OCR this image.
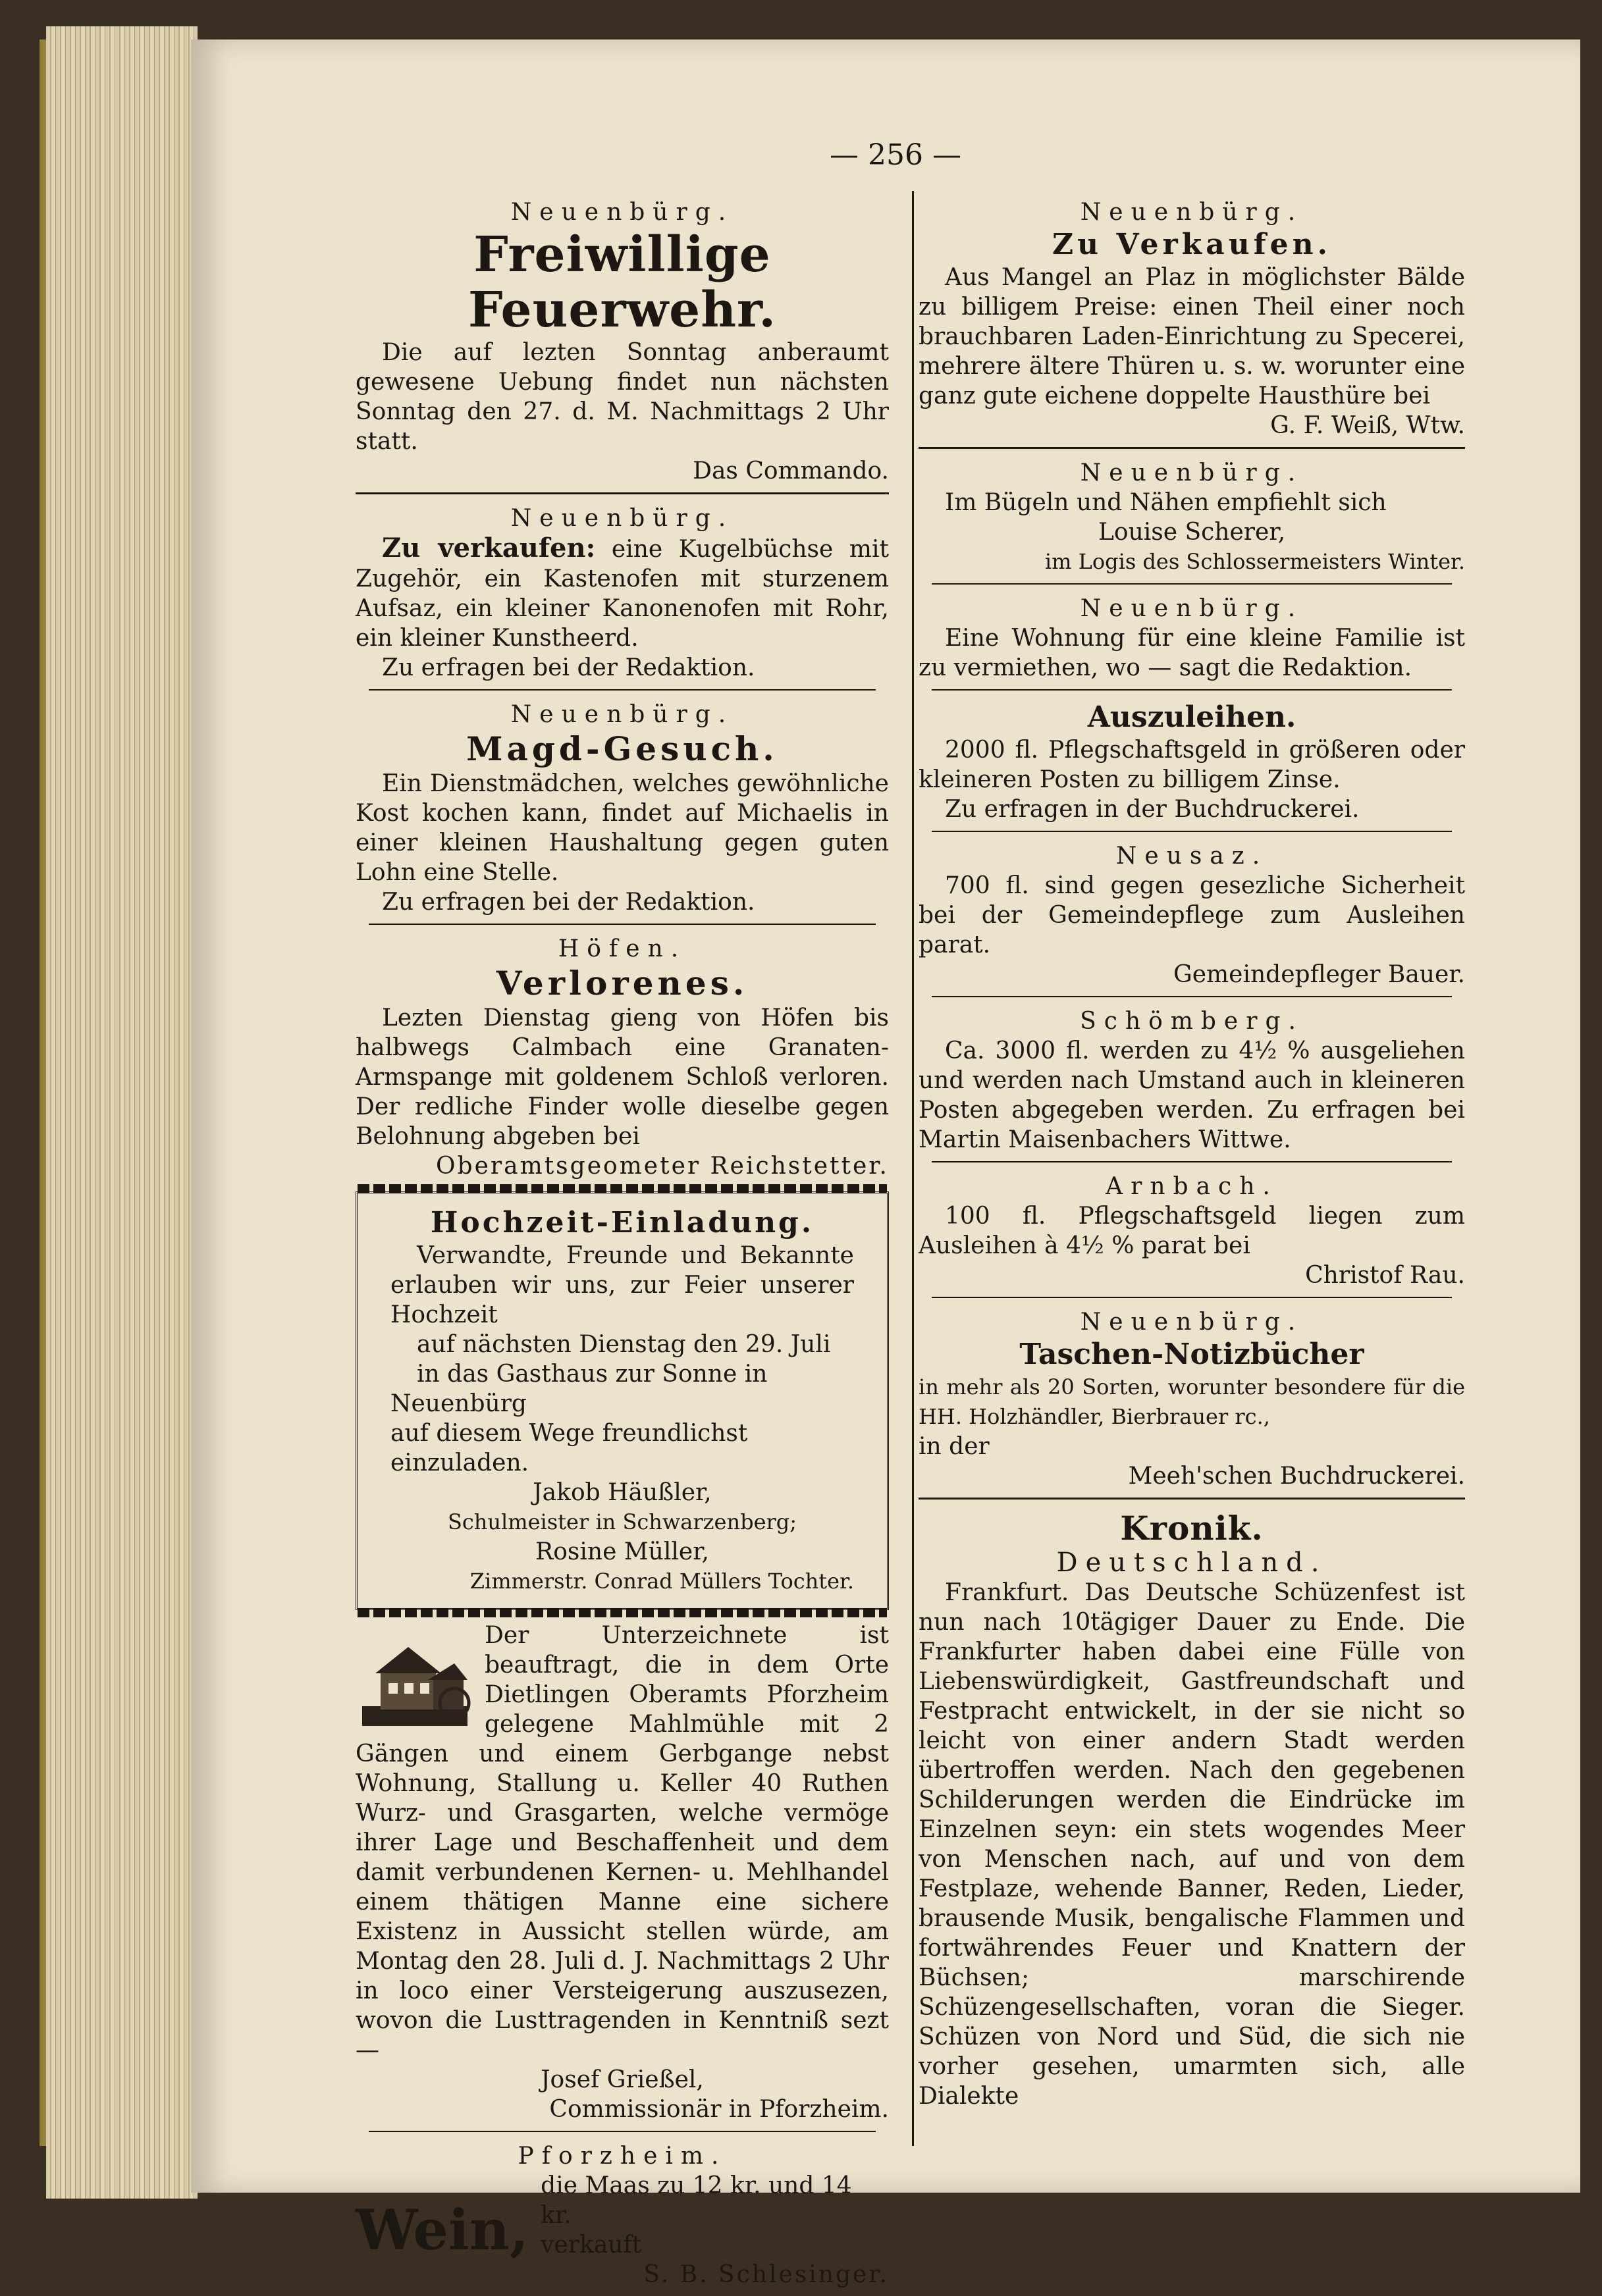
— 256 —
Neuenbürg.
Freiwillige Feuerwehr.
Die auf lezten Sonntag anberaumt gewesene Uebung findet nun nächsten Sonntag den 27. d. M. Nachmittags 2 Uhr statt.
Das Commando.
Neuenbürg.
Zu verkaufen: eine Kugelbüchse mit Zugehör, ein Kastenofen mit sturzenem Aufsaz, ein kleiner Kanonenofen mit Rohr, ein kleiner Kunstheerd.
Zu erfragen bei der Redaktion.
Neuenbürg.
Magd-Gesuch.
Ein Dienstmädchen, welches gewöhnliche Kost kochen kann, findet auf Michaelis in einer kleinen Haushaltung gegen guten Lohn eine Stelle.
Zu erfragen bei der Redaktion.
Höfen.
Verlorenes.
Lezten Dienstag gieng von Höfen bis halbwegs Calmbach eine Granaten-Armspange mit goldenem Schloß verloren. Der redliche Finder wolle dieselbe gegen Belohnung abgeben bei
Oberamtsgeometer Reichstetter.
Hochzeit-Einladung.
Verwandte, Freunde und Bekannte erlauben wir uns, zur Feier unserer Hochzeit
auf nächsten Dienstag den 29. Juli
in das Gasthaus zur Sonne in Neuenbürg
auf diesem Wege freundlichst einzuladen.
Jakob Häußler,
Schulmeister in Schwarzenberg;
Rosine Müller,
Zimmerstr. Conrad Müllers Tochter.
Der Unterzeichnete ist beauftragt, die in dem Orte Dietlingen Oberamts Pforzheim gelegene Mahlmühle mit 2 Gängen und einem Gerbgange nebst Wohnung, Stallung u. Keller 40 Ruthen Wurz- und Grasgarten, welche vermöge ihrer Lage und Beschaffenheit und dem damit verbundenen Kernen- u. Mehlhandel einem thätigen Manne eine sichere Existenz in Aussicht stellen würde, am Montag den 28. Juli d. J. Nachmittags 2 Uhr in loco einer Versteigerung auszusezen, wovon die Lusttragenden in Kenntniß sezt —
Josef Grießel,
Commissionär in Pforzheim.
Pforzheim.
Wein,
die Maas zu 12 kr. und 14 kr.
verkauft
S. B. Schlesinger.
Neuenbürg.
Zu Verkaufen.
Aus Mangel an Plaz in möglichster Bälde zu billigem Preise: einen Theil einer noch brauchbaren Laden-Einrichtung zu Specerei, mehrere ältere Thüren u. s. w. worunter eine ganz gute eichene doppelte Hausthüre bei
G. F. Weiß, Wtw.
Neuenbürg.
Im Bügeln und Nähen empfiehlt sich
Louise Scherer,
im Logis des Schlossermeisters Winter.
Neuenbürg.
Eine Wohnung für eine kleine Familie ist zu vermiethen, wo — sagt die Redaktion.
Auszuleihen.
2000 fl. Pflegschaftsgeld in größeren oder kleineren Posten zu billigem Zinse.
Zu erfragen in der Buchdruckerei.
Neusaz.
700 fl. sind gegen gesezliche Sicherheit bei der Gemeindepflege zum Ausleihen parat.
Gemeindepfleger Bauer.
Schömberg.
Ca. 3000 fl. werden zu 4½ % ausgeliehen und werden nach Umstand auch in kleineren Posten abgegeben werden. Zu erfragen bei Martin Maisenbachers Wittwe.
Arnbach.
100 fl. Pflegschaftsgeld liegen zum Ausleihen à 4½ % parat bei
Christof Rau.
Neuenbürg.
Taschen-Notizbücher
in mehr als 20 Sorten, worunter besondere für die HH. Holzhändler, Bierbrauer rc.,
in der
Meeh'schen Buchdruckerei.
Kronik.
Deutschland.
Frankfurt. Das Deutsche Schüzenfest ist nun nach 10tägiger Dauer zu Ende. Die Frankfurter haben dabei eine Fülle von Liebenswürdigkeit, Gastfreundschaft und Festpracht entwickelt, in der sie nicht so leicht von einer andern Stadt werden übertroffen werden. Nach den gegebenen Schilderungen werden die Eindrücke im Einzelnen seyn: ein stets wogendes Meer von Menschen nach, auf und von dem Festplaze, wehende Banner, Reden, Lieder, brausende Musik, bengalische Flammen und fortwährendes Feuer und Knattern der Büchsen; marschirende Schüzengesellschaften, voran die Sieger. Schüzen von Nord und Süd, die sich nie vorher gesehen, umarmten sich, alle Dialekte
